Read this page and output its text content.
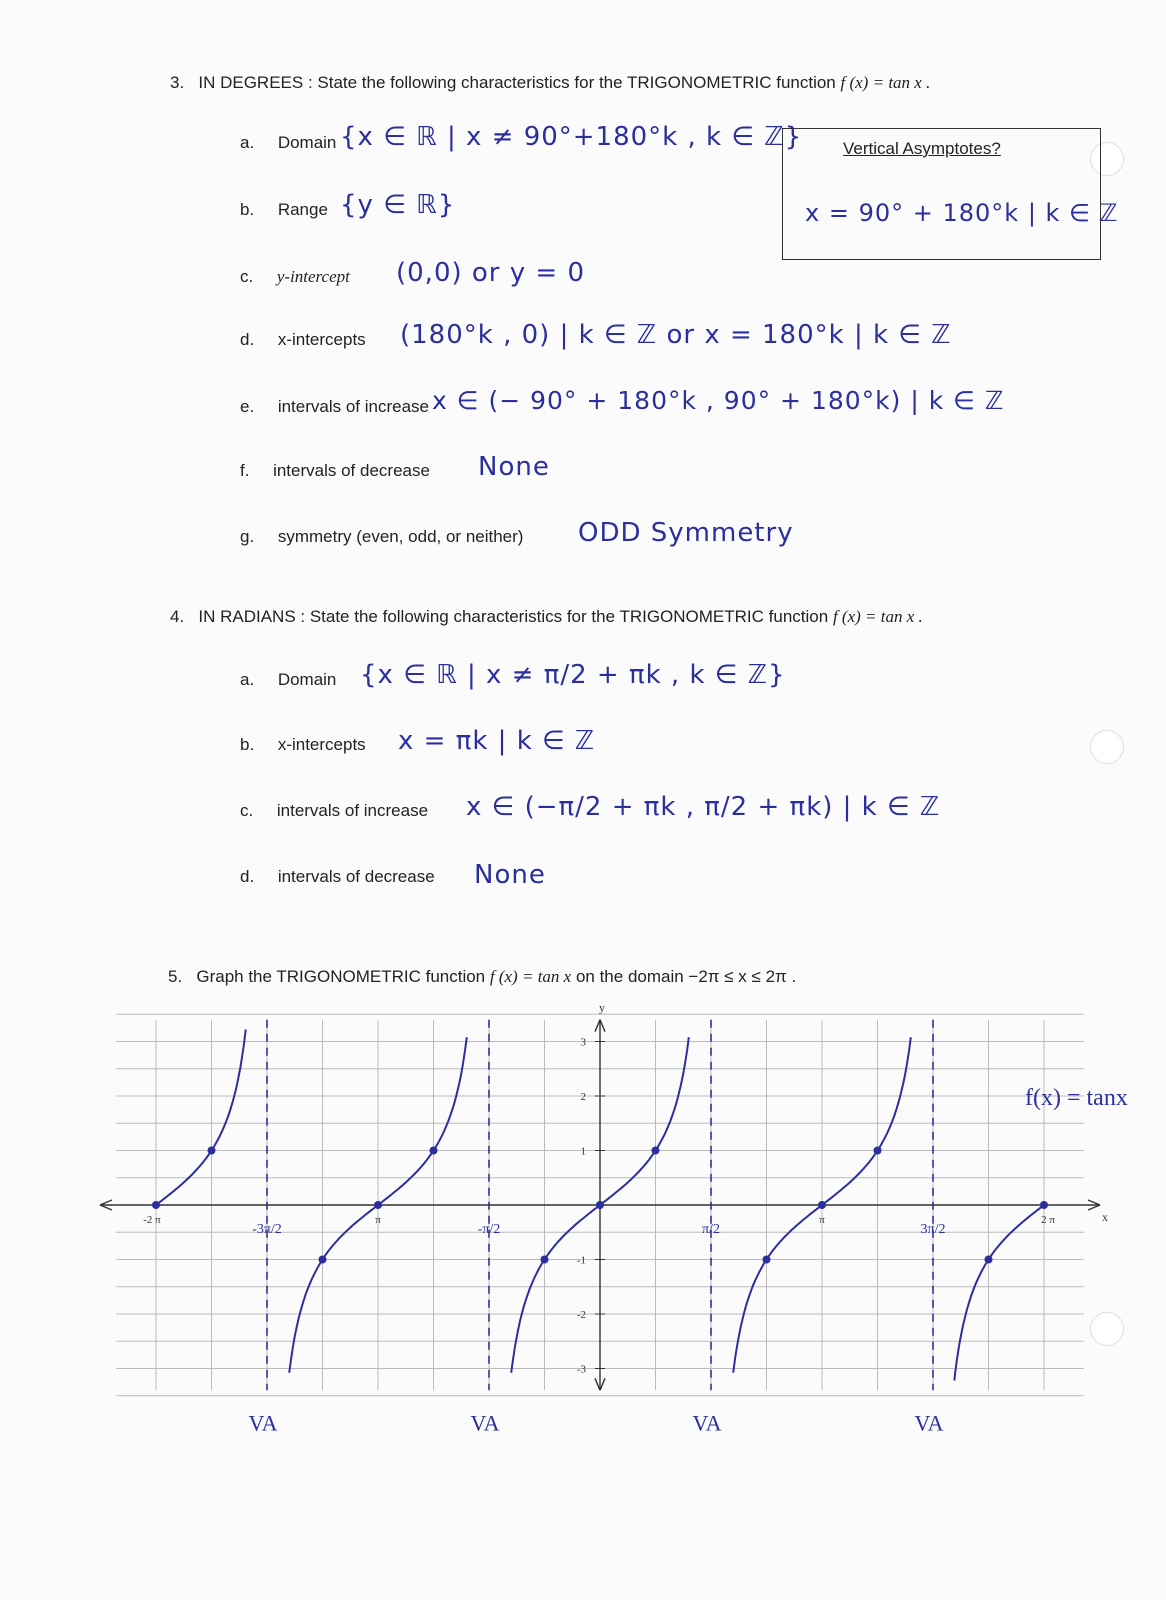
3. IN DEGREES : State the following characteristics for the TRIGONOMETRIC function f (x) = tan x .
a. Domain {x ∈ ℝ | x ≠ 90°+180°k , k ∈ ℤ}
b. Range {y ∈ ℝ}
c. y-intercept (0,0) or y = 0
d. x-intercepts (180°k , 0) | k ∈ ℤ or x = 180°k | k ∈ ℤ
e. intervals of increase x ∈ (− 90° + 180°k , 90° + 180°k) | k ∈ ℤ
f. intervals of decrease None
g. symmetry (even, odd, or neither) ODD Symmetry
Vertical Asymptotes?
x = 90° + 180°k | k ∈ ℤ
4. IN RADIANS : State the following characteristics for the TRIGONOMETRIC function f (x) = tan x .
a. Domain {x ∈ ℝ | x ≠ π/2 + πk , k ∈ ℤ}
b. x-intercepts x = πk | k ∈ ℤ
c. intervals of increase x ∈ (−π/2 + πk , π/2 + πk) | k ∈ ℤ
d. intervals of decrease None
5. Graph the TRIGONOMETRIC function f (x) = tan x on the domain −2π ≤ x ≤ 2π .
y
x
3
2
1
-1
-2
-3
-2 π
-3π/2
π
-π/2	π/2
π
3π/2
2 π
VA	VA	VA	VA
f(x) = tanx
